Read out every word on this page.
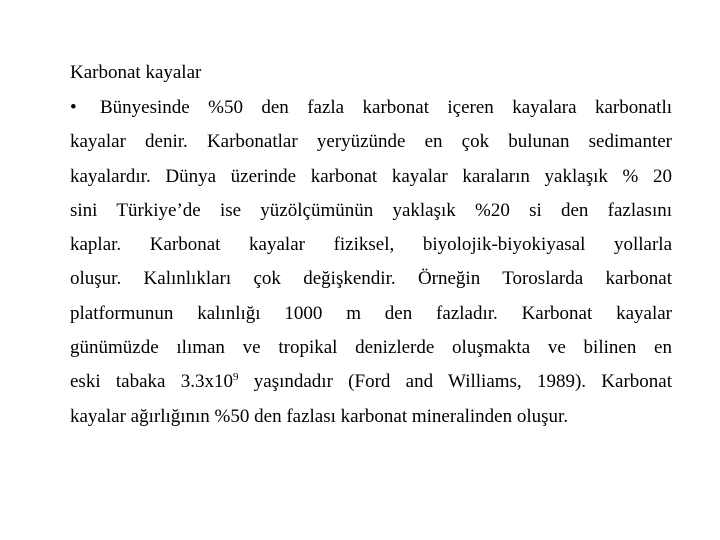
Karbonat kayalar
• Bünyesinde %50 den fazla karbonat içeren kayalara karbonatlı
kayalar denir. Karbonatlar yeryüzünde en çok bulunan sedimanter
kayalardır. Dünya üzerinde karbonat kayalar karaların yaklaşık % 20
sini Türkiye’de ise yüzölçümünün yaklaşık %20 si den fazlasını
kaplar. Karbonat kayalar fiziksel, biyolojik-biyokiyasal yollarla
oluşur. Kalınlıkları çok değişkendir. Örneğin Toroslarda karbonat
platformunun kalınlığı 1000 m den fazladır. Karbonat kayalar
günümüzde ılıman ve tropikal denizlerde oluşmakta ve bilinen en
eski tabaka $3.3x10^9$ yaşındadır (Ford and Williams, 1989). Karbonat
kayalar ağırlığının %50 den fazlası karbonat mineralinden oluşur.
